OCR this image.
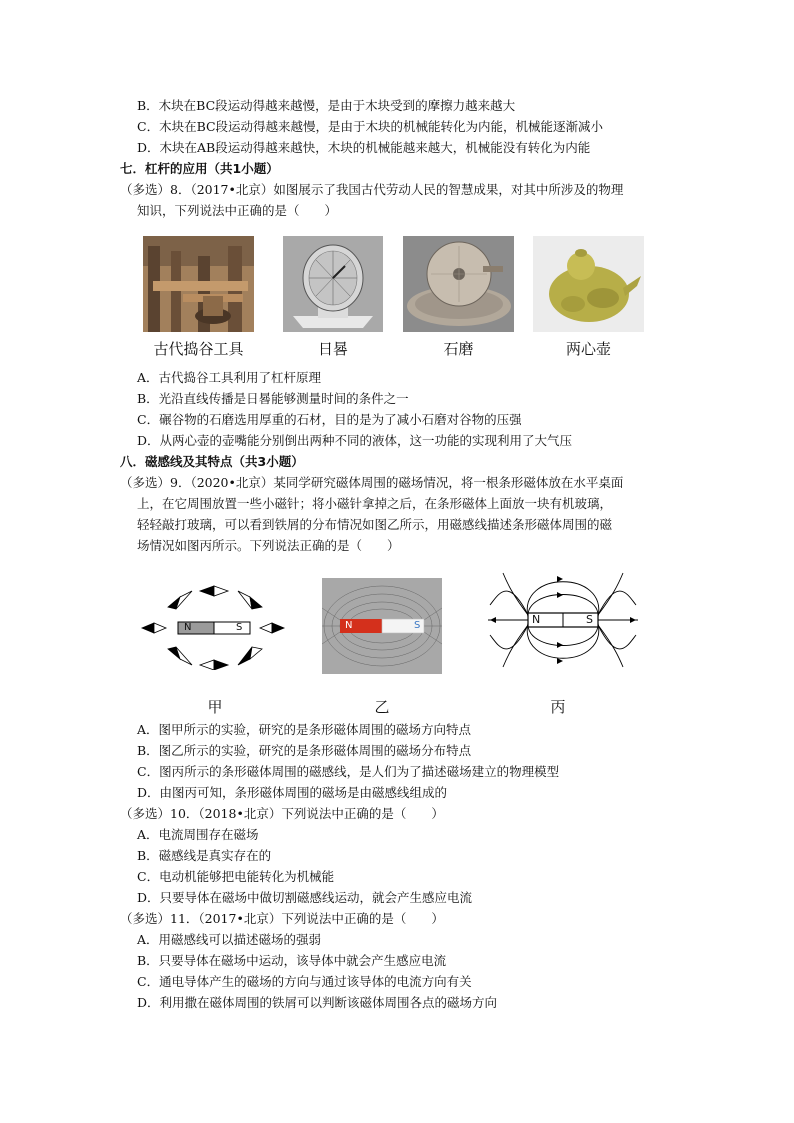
B．木块在BC段运动得越来越慢，是由于木块受到的摩擦力越来越大
C．木块在BC段运动得越来越慢，是由于木块的机械能转化为内能，机械能逐渐减小
D．木块在AB段运动得越来越快，木块的机械能越来越大，机械能没有转化为内能
七．杠杆的应用（共1小题）
（多选）8．（2017•北京）如图展示了我国古代劳动人民的智慧成果，对其中所涉及的物理
知识，下列说法中正确的是（　　）
古代捣谷工具	日晷	石磨	两心壶
A．古代捣谷工具利用了杠杆原理
B．光沿直线传播是日晷能够测量时间的条件之一
C．碾谷物的石磨选用厚重的石材，目的是为了减小石磨对谷物的压强
D．从两心壶的壶嘴能分别倒出两种不同的液体，这一功能的实现利用了大气压
八．磁感线及其特点（共3小题）
（多选）9．（2020•北京）某同学研究磁体周围的磁场情况，将一根条形磁体放在水平桌面
上，在它周围放置一些小磁针；将小磁针拿掉之后，在条形磁体上面放一块有机玻璃，
轻轻敲打玻璃，可以看到铁屑的分布情况如图乙所示，用磁感线描述条形磁体周围的磁
场情况如图丙所示。下列说法正确的是（　　）
N	S
甲
N	S
乙
N	S
丙
A．图甲所示的实验，研究的是条形磁体周围的磁场方向特点
B．图乙所示的实验，研究的是条形磁体周围的磁场分布特点
C．图丙所示的条形磁体周围的磁感线，是人们为了描述磁场建立的物理模型
D．由图丙可知，条形磁体周围的磁场是由磁感线组成的
（多选）10．（2018•北京）下列说法中正确的是（　　）
A．电流周围存在磁场
B．磁感线是真实存在的
C．电动机能够把电能转化为机械能
D．只要导体在磁场中做切割磁感线运动，就会产生感应电流
（多选）11．（2017•北京）下列说法中正确的是（　　）
A．用磁感线可以描述磁场的强弱
B．只要导体在磁场中运动，该导体中就会产生感应电流
C．通电导体产生的磁场的方向与通过该导体的电流方向有关
D．利用撒在磁体周围的铁屑可以判断该磁体周围各点的磁场方向
